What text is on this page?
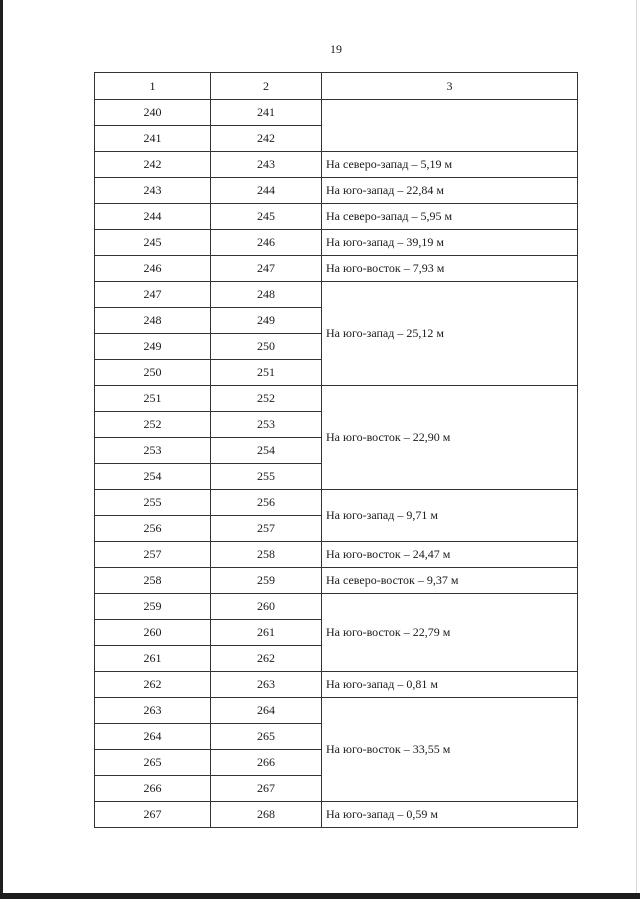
19
1	2	3
240	241	
241	242	
242	243	На северо-запад – 5,19 м
243	244	На юго-запад – 22,84 м
244	245	На северо-запад – 5,95 м
245	246	На юго-запад – 39,19 м
246	247	На юго-восток – 7,93 м
247	248	На юго-запад – 25,12 м
248	249	
249	250	
250	251	
251	252	На юго-восток – 22,90 м
252	253	
253	254	
254	255	
255	256	На юго-запад – 9,71 м
256	257	
257	258	На юго-восток – 24,47 м
258	259	На северо-восток – 9,37 м
259	260	На юго-восток – 22,79 м
260	261	
261	262	
262	263	На юго-запад – 0,81 м
263	264	На юго-восток – 33,55 м
264	265	
265	266	
266	267	
267	268	На юго-запад – 0,59 м
